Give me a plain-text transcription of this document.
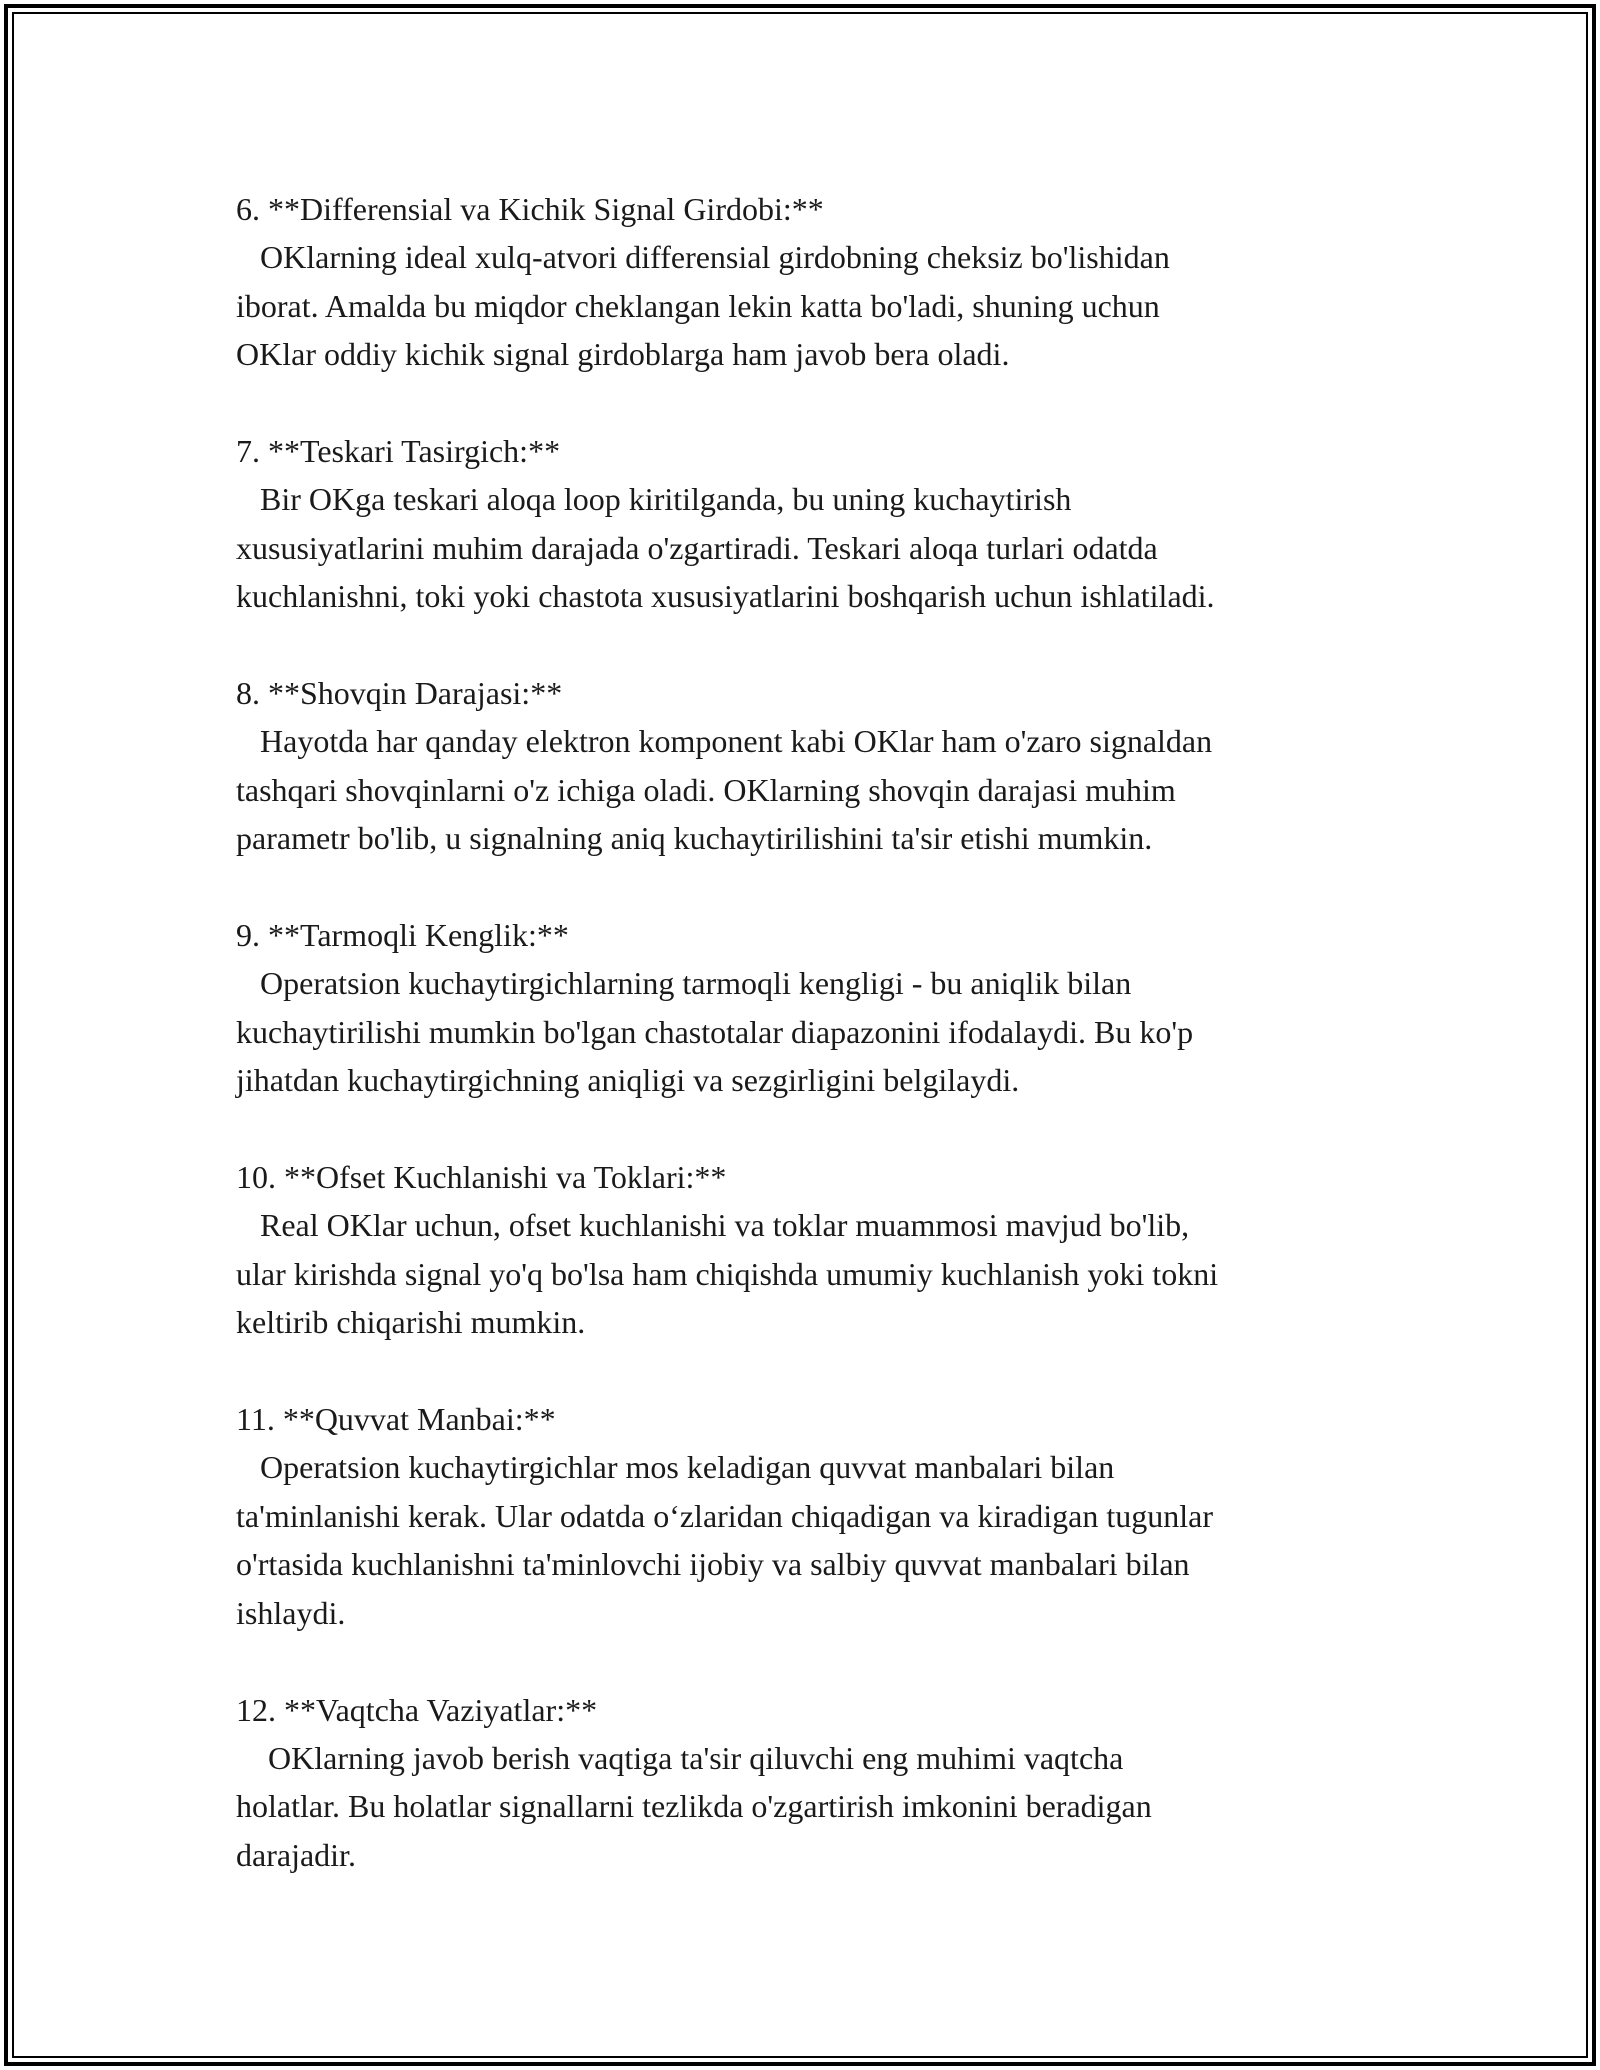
6. **Differensial va Kichik Signal Girdobi:**
OKlarning ideal xulq-atvori differensial girdobning cheksiz bo'lishidan
iborat. Amalda bu miqdor cheklangan lekin katta bo'ladi, shuning uchun
OKlar oddiy kichik signal girdoblarga ham javob bera oladi.
7. **Teskari Tasirgich:**
Bir OKga teskari aloqa loop kiritilganda, bu uning kuchaytirish
xususiyatlarini muhim darajada o'zgartiradi. Teskari aloqa turlari odatda
kuchlanishni, toki yoki chastota xususiyatlarini boshqarish uchun ishlatiladi.
8. **Shovqin Darajasi:**
Hayotda har qanday elektron komponent kabi OKlar ham o'zaro signaldan
tashqari shovqinlarni o'z ichiga oladi. OKlarning shovqin darajasi muhim
parametr bo'lib, u signalning aniq kuchaytirilishini ta'sir etishi mumkin.
9. **Tarmoqli Kenglik:**
Operatsion kuchaytirgichlarning tarmoqli kengligi - bu aniqlik bilan
kuchaytirilishi mumkin bo'lgan chastotalar diapazonini ifodalaydi. Bu ko'p
jihatdan kuchaytirgichning aniqligi va sezgirligini belgilaydi.
10. **Ofset Kuchlanishi va Toklari:**
Real OKlar uchun, ofset kuchlanishi va toklar muammosi mavjud bo'lib,
ular kirishda signal yo'q bo'lsa ham chiqishda umumiy kuchlanish yoki tokni
keltirib chiqarishi mumkin.
11. **Quvvat Manbai:**
Operatsion kuchaytirgichlar mos keladigan quvvat manbalari bilan
ta'minlanishi kerak. Ular odatda o‘zlaridan chiqadigan va kiradigan tugunlar
o'rtasida kuchlanishni ta'minlovchi ijobiy va salbiy quvvat manbalari bilan
ishlaydi.
12. **Vaqtcha Vaziyatlar:**
OKlarning javob berish vaqtiga ta'sir qiluvchi eng muhimi vaqtcha
holatlar. Bu holatlar signallarni tezlikda o'zgartirish imkonini beradigan
darajadir.
